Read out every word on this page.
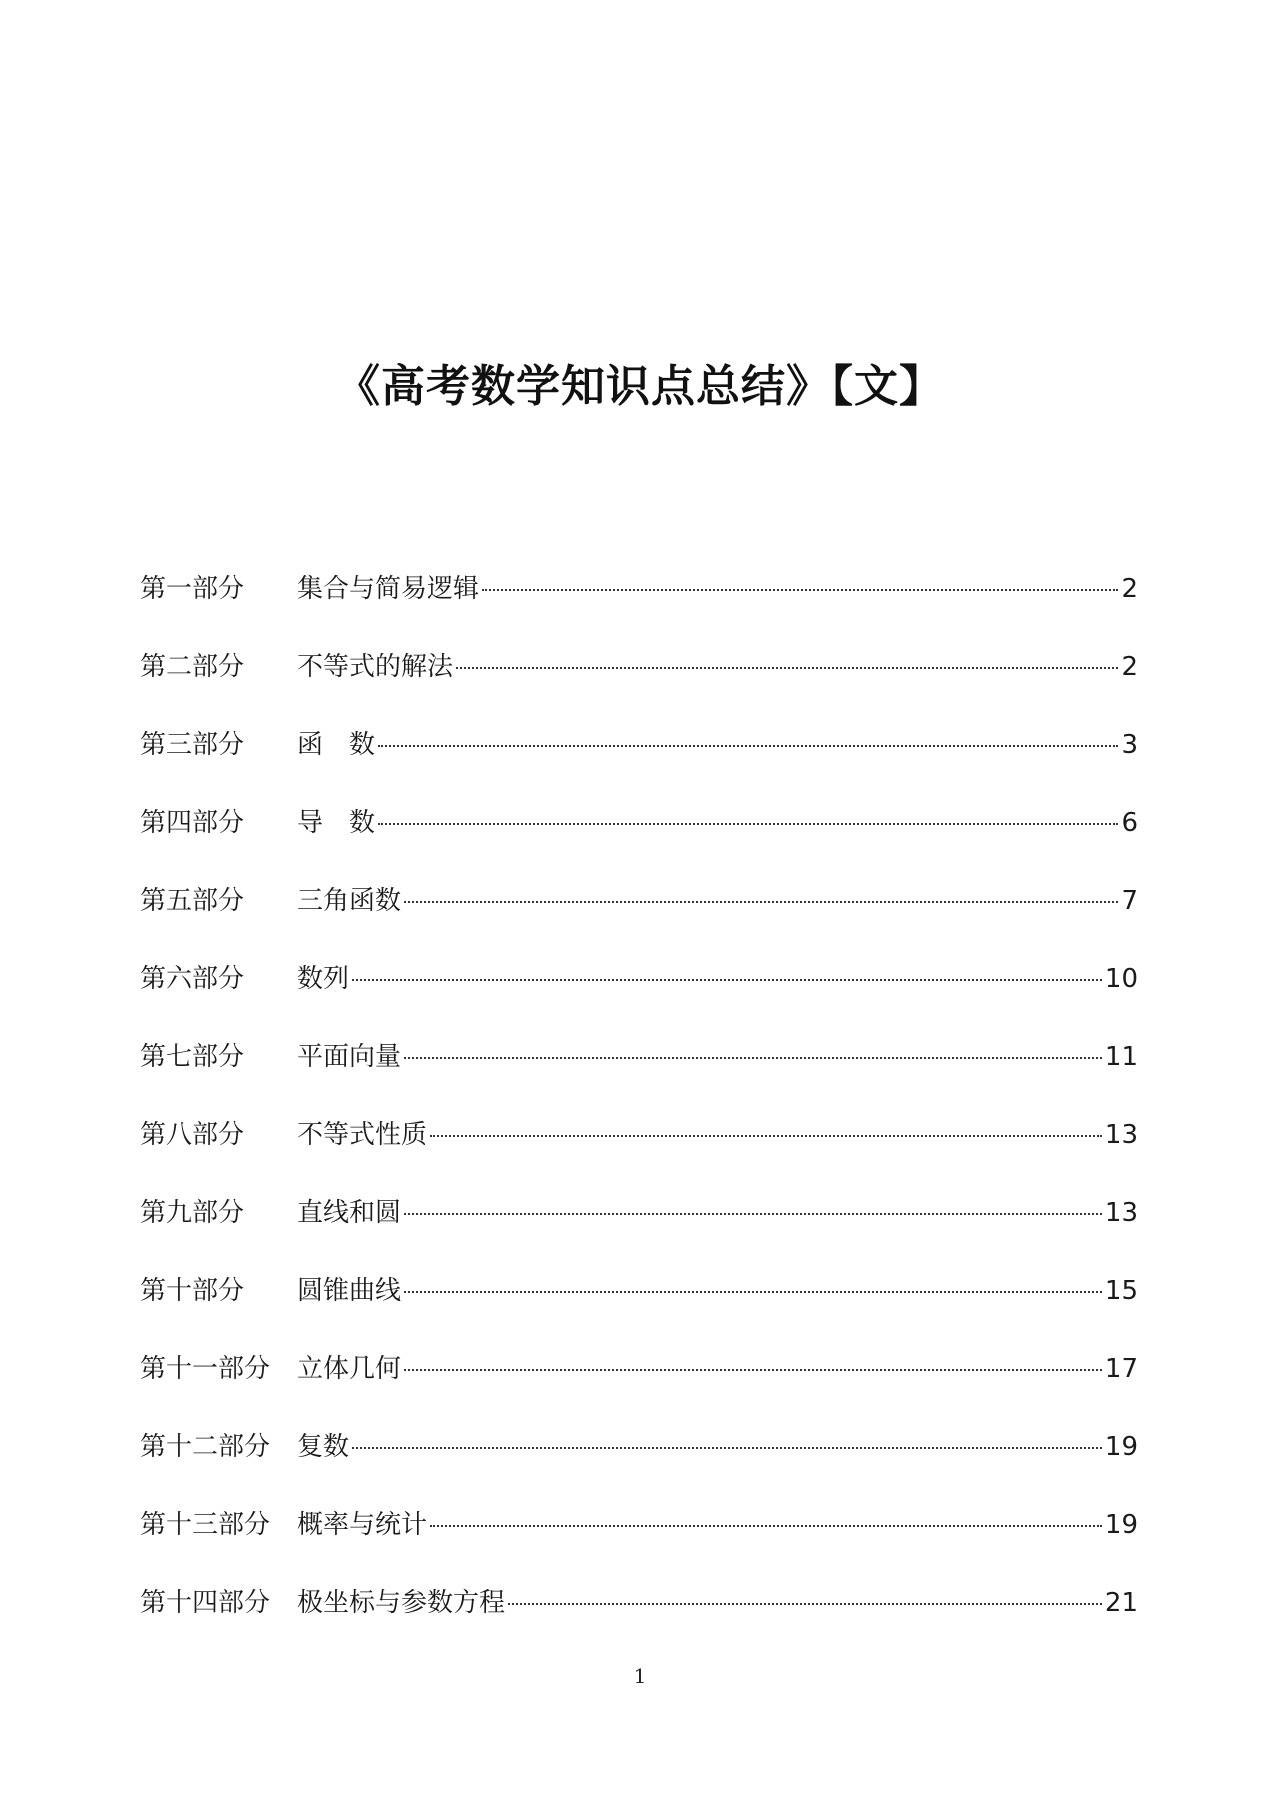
《高考数学知识点总结》【文】
第一部分	集合与简易逻辑	2
第二部分	不等式的解法	2
第三部分	函　数	3
第四部分	导　数	6
第五部分	三角函数	7
第六部分	数列	10
第七部分	平面向量	11
第八部分	不等式性质	13
第九部分	直线和圆	13
第十部分	圆锥曲线	15
第十一部分	立体几何	17
第十二部分	复数	19
第十三部分	概率与统计	19
第十四部分	极坐标与参数方程	21
1
